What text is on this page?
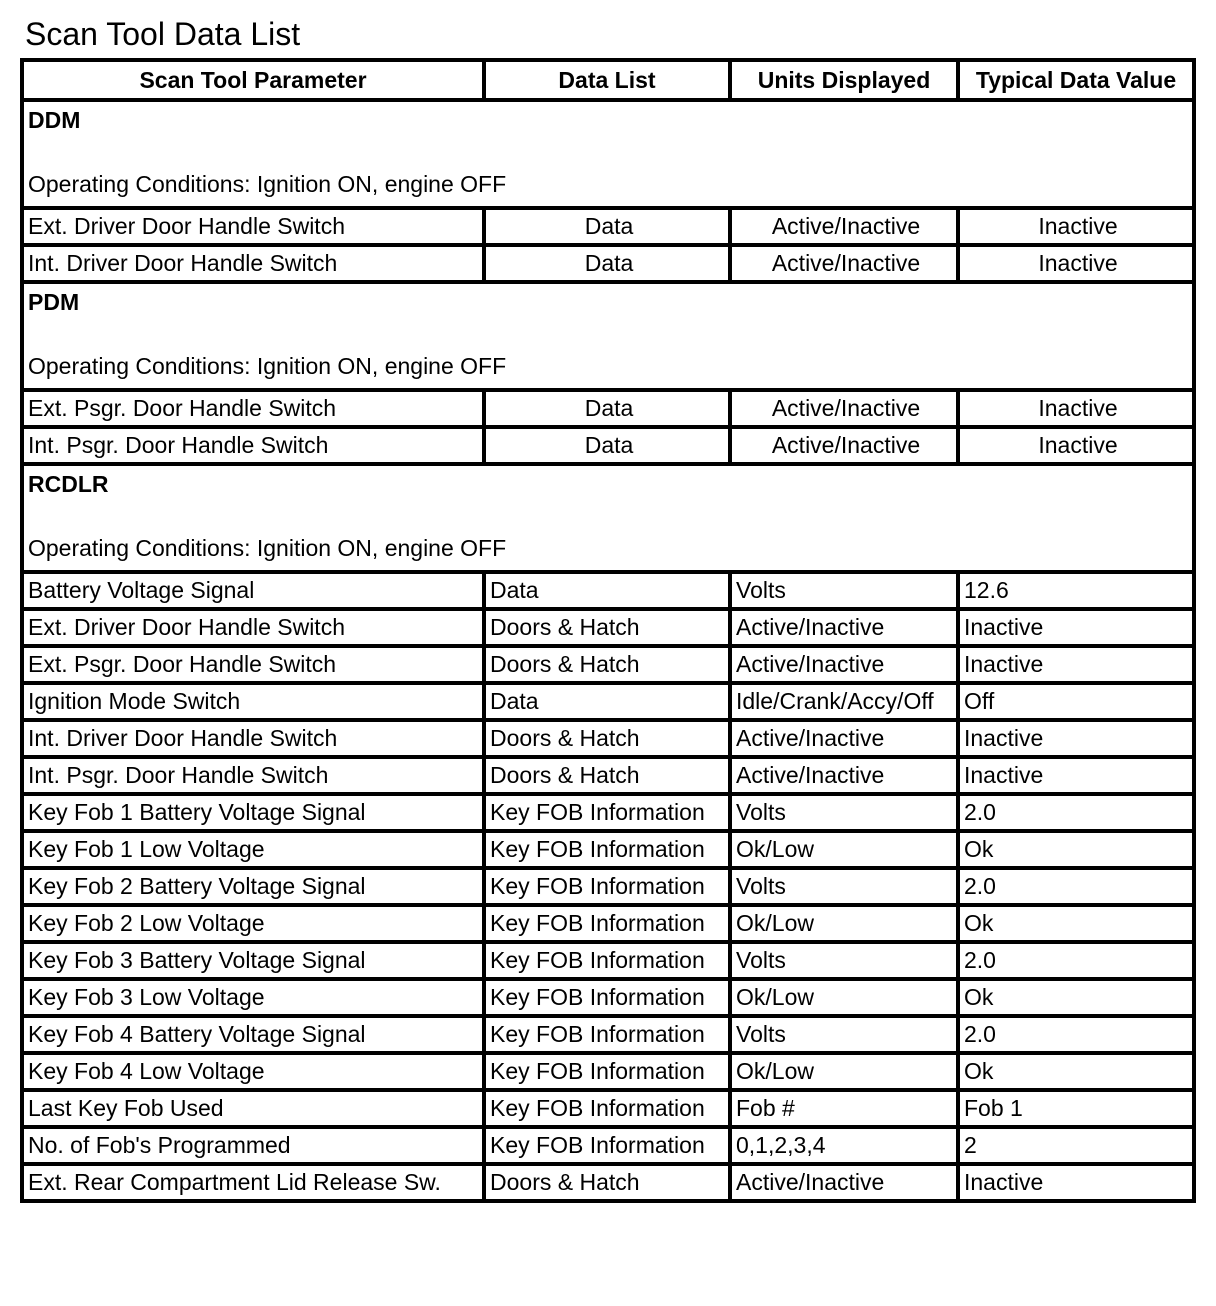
Scan Tool Data List
Scan Tool Parameter	Data List	Units Displayed	Typical Data Value

DDM
Operating Conditions: Ignition ON, engine OFF			

Ext. Driver Door Handle Switch	Data	Active/Inactive	Inactive
Int. Driver Door Handle Switch	Data	Active/Inactive	Inactive

PDM
Operating Conditions: Ignition ON, engine OFF			

Ext. Psgr. Door Handle Switch	Data	Active/Inactive	Inactive
Int. Psgr. Door Handle Switch	Data	Active/Inactive	Inactive

RCDLR
Operating Conditions: Ignition ON, engine OFF			

Battery Voltage Signal	Data	Volts	12.6
Ext. Driver Door Handle Switch	Doors & Hatch	Active/Inactive	Inactive
Ext. Psgr. Door Handle Switch	Doors & Hatch	Active/Inactive	Inactive
Ignition Mode Switch	Data	Idle/Crank/Accy/Off	Off
Int. Driver Door Handle Switch	Doors & Hatch	Active/Inactive	Inactive
Int. Psgr. Door Handle Switch	Doors & Hatch	Active/Inactive	Inactive
Key Fob 1 Battery Voltage Signal	Key FOB Information	Volts	2.0
Key Fob 1 Low Voltage	Key FOB Information	Ok/Low	Ok
Key Fob 2 Battery Voltage Signal	Key FOB Information	Volts	2.0
Key Fob 2 Low Voltage	Key FOB Information	Ok/Low	Ok
Key Fob 3 Battery Voltage Signal	Key FOB Information	Volts	2.0
Key Fob 3 Low Voltage	Key FOB Information	Ok/Low	Ok
Key Fob 4 Battery Voltage Signal	Key FOB Information	Volts	2.0
Key Fob 4 Low Voltage	Key FOB Information	Ok/Low	Ok
Last Key Fob Used	Key FOB Information	Fob #	Fob 1
No. of Fob's Programmed	Key FOB Information	0,1,2,3,4	2
Ext. Rear Compartment Lid Release Sw.	Doors & Hatch	Active/Inactive	Inactive
